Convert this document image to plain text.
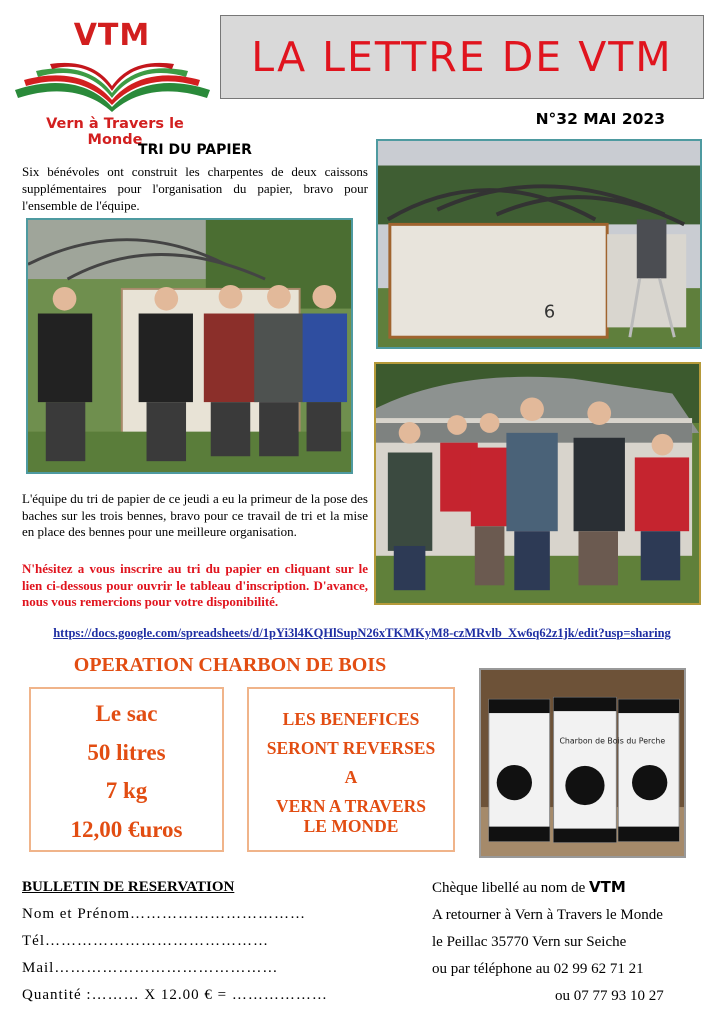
VTM
Vern à Travers le Monde
LA LETTRE DE VTM
N°32 MAI 2023
TRI DU PAPIER
Six bénévoles ont construit les charpentes de deux caissons supplémentaires pour l'organisation du papier, bravo pour l'ensemble de l'équipe.
6
L'équipe du tri de papier de ce jeudi a eu la primeur de la pose des baches sur les trois bennes, bravo pour ce travail de tri et la mise en place des bennes pour une meilleure organisation.
N'hésitez a vous inscrire au tri du papier en cliquant sur le lien ci-dessous pour ouvrir le tableau d'inscription. D'avance, nous vous remercions pour votre disponibilité.
https://docs.google.com/spreadsheets/d/1pYi3l4KQHlSupN26xTKMKyM8-czMRvlb_Xw6q62z1jk/edit?usp=sharing
OPERATION CHARBON DE BOIS
Le sac
50 litres
7 kg
12,00 €uros
LES BENEFICES
SERONT REVERSES
A
VERN A TRAVERS
LE MONDE
Charbon de Bois du Perche
BULLETIN DE RESERVATION
Nom et Prénom……………………………
Tél……………………………………
Mail……………………………………
Quantité :……… X 12.00 € = ………………
Chèque libellé au nom de VTM
A retourner à Vern à Travers le Monde
le Peillac 35770 Vern sur Seiche
ou par téléphone au 02 99 62 71 21
ou 07 77 93 10 27
